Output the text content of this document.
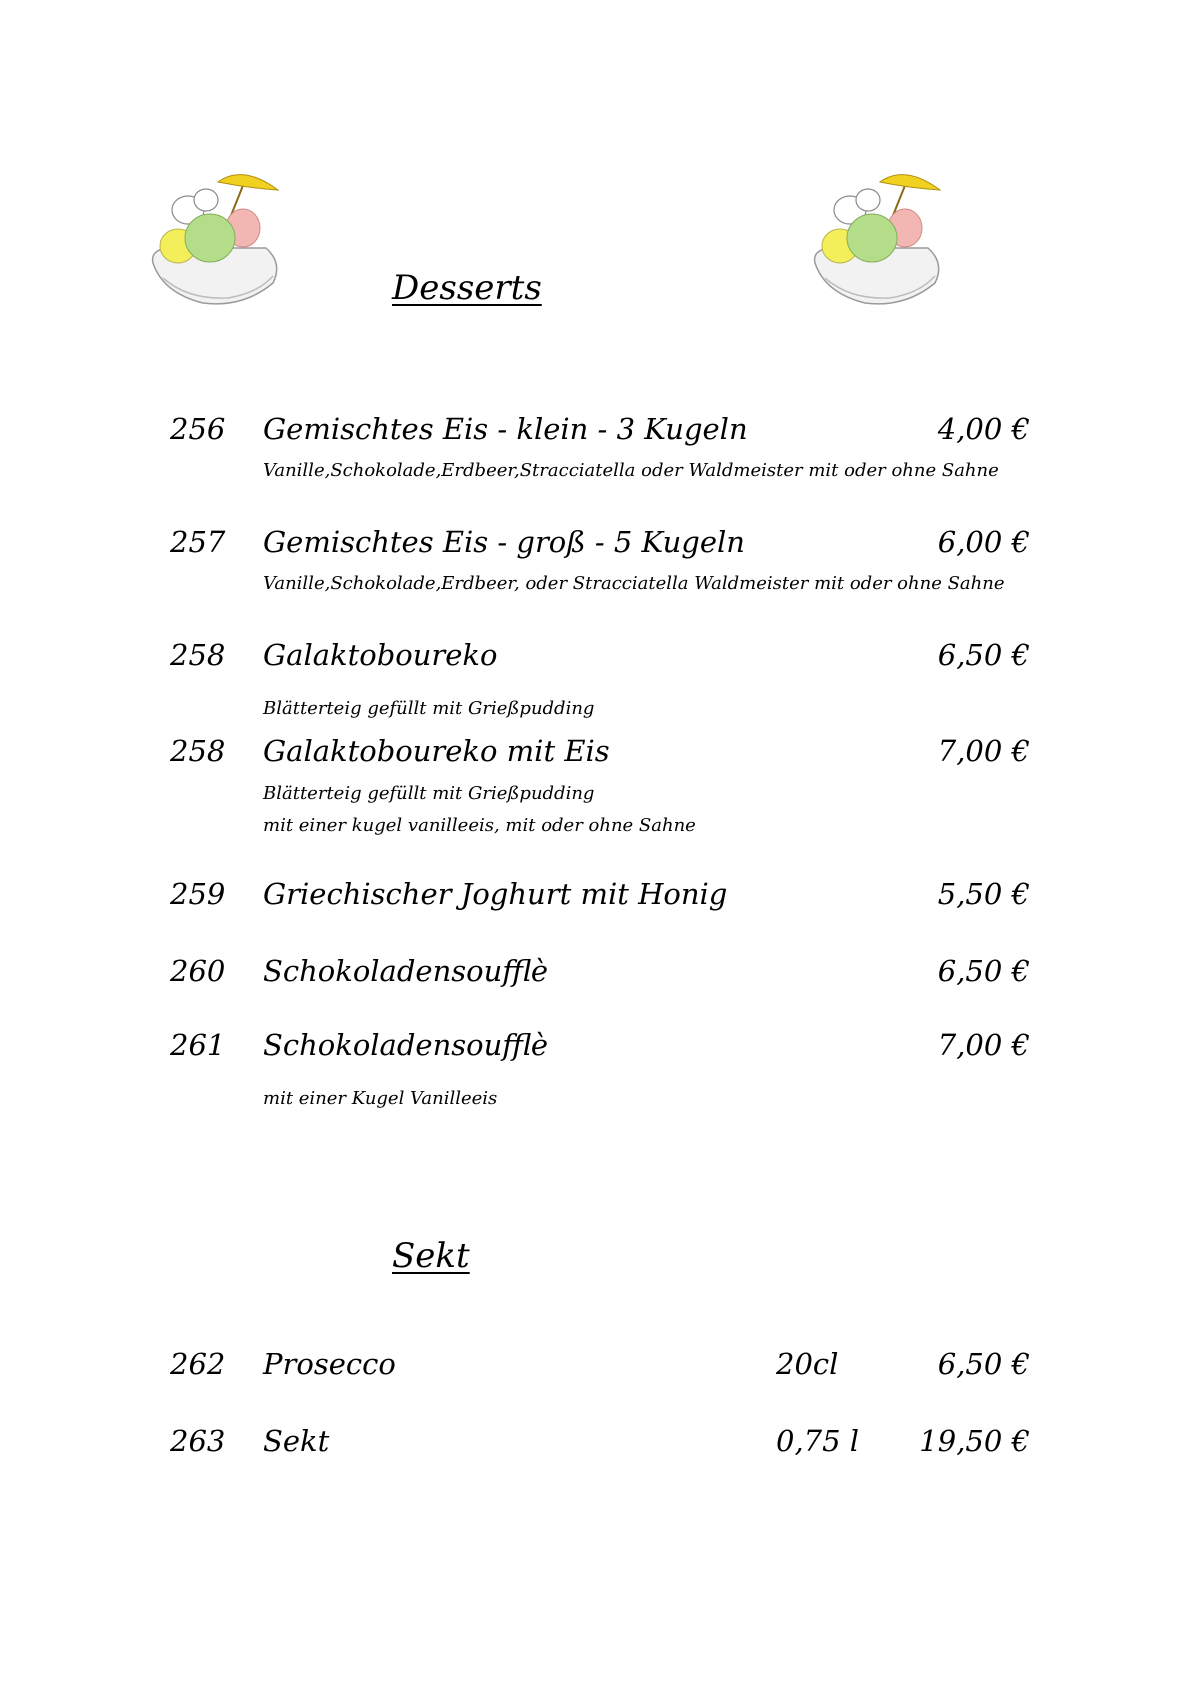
Desserts
256 Gemischtes Eis - klein - 3 Kugeln	4,00 €
Vanille,Schokolade,Erdbeer,Stracciatella oder Waldmeister mit oder ohne Sahne
257 Gemischtes Eis - groß - 5 Kugeln	6,00 €
Vanille,Schokolade,Erdbeer, oder Stracciatella Waldmeister mit oder ohne Sahne
258 Galaktoboureko	6,50 €
Blätterteig gefüllt mit Grießpudding
258 Galaktoboureko mit Eis	7,00 €
Blätterteig gefüllt mit Grießpudding
mit einer kugel vanilleeis, mit oder ohne Sahne
259 Griechischer Joghurt mit Honig	5,50 €
260 Schokoladensoufflè	6,50 €
261 Schokoladensoufflè	7,00 €
mit einer Kugel Vanilleeis
Sekt
262 Prosecco	20cl	6,50 €
263 Sekt	0,75 l 19,50 €
